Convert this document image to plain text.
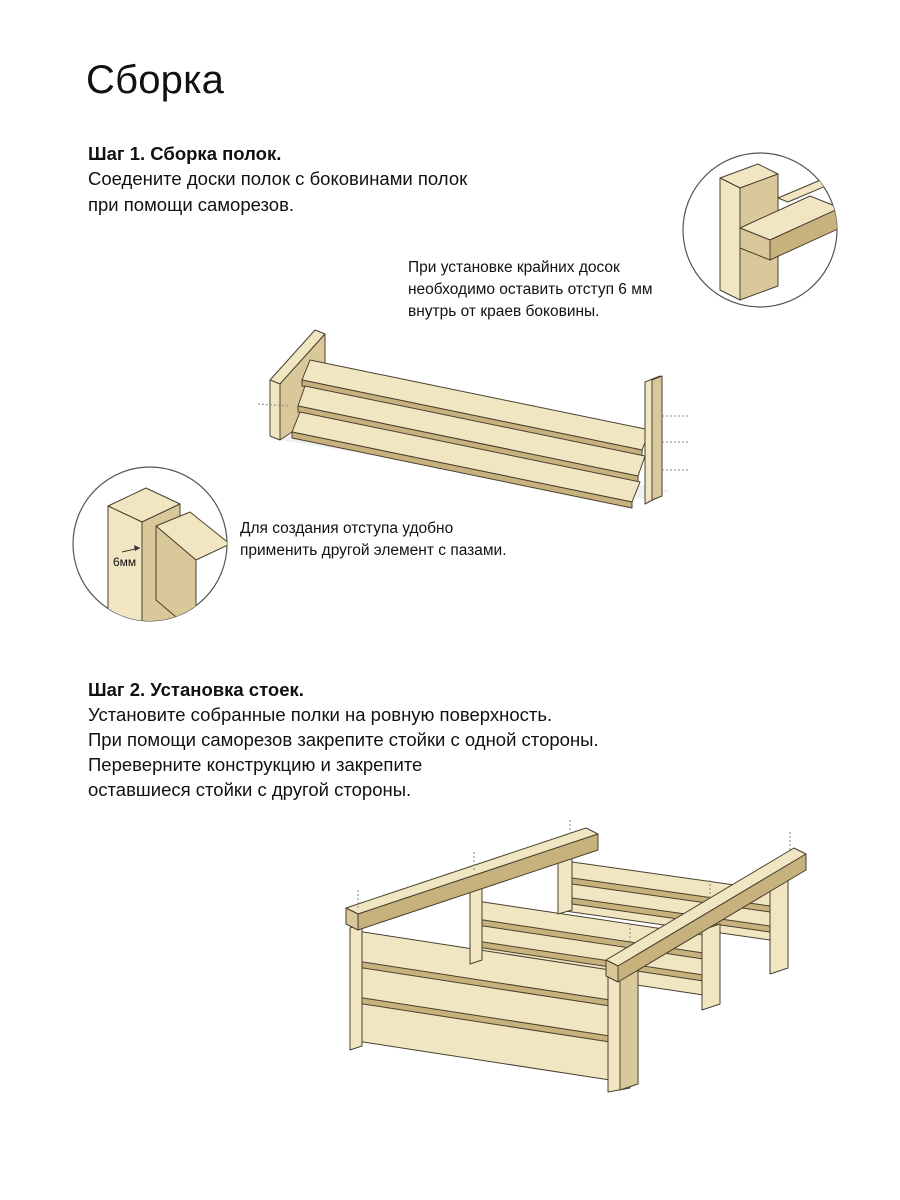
Сборка
Шаг 1. Сборка полок.
Соедените доски полок с боковинами полок
при помощи саморезов.
При установке крайних досок
необходимо оставить отступ 6 мм
внутрь от краев боковины.
Для создания отступа удобно
применить другой элемент с пазами.
6мм
Шаг 2. Установка стоек.
Установите собранные полки на ровную поверхность.
При помощи саморезов закрепите стойки с одной стороны.
Переверните конструкцию и закрепите
оставшиеся стойки с другой стороны.
